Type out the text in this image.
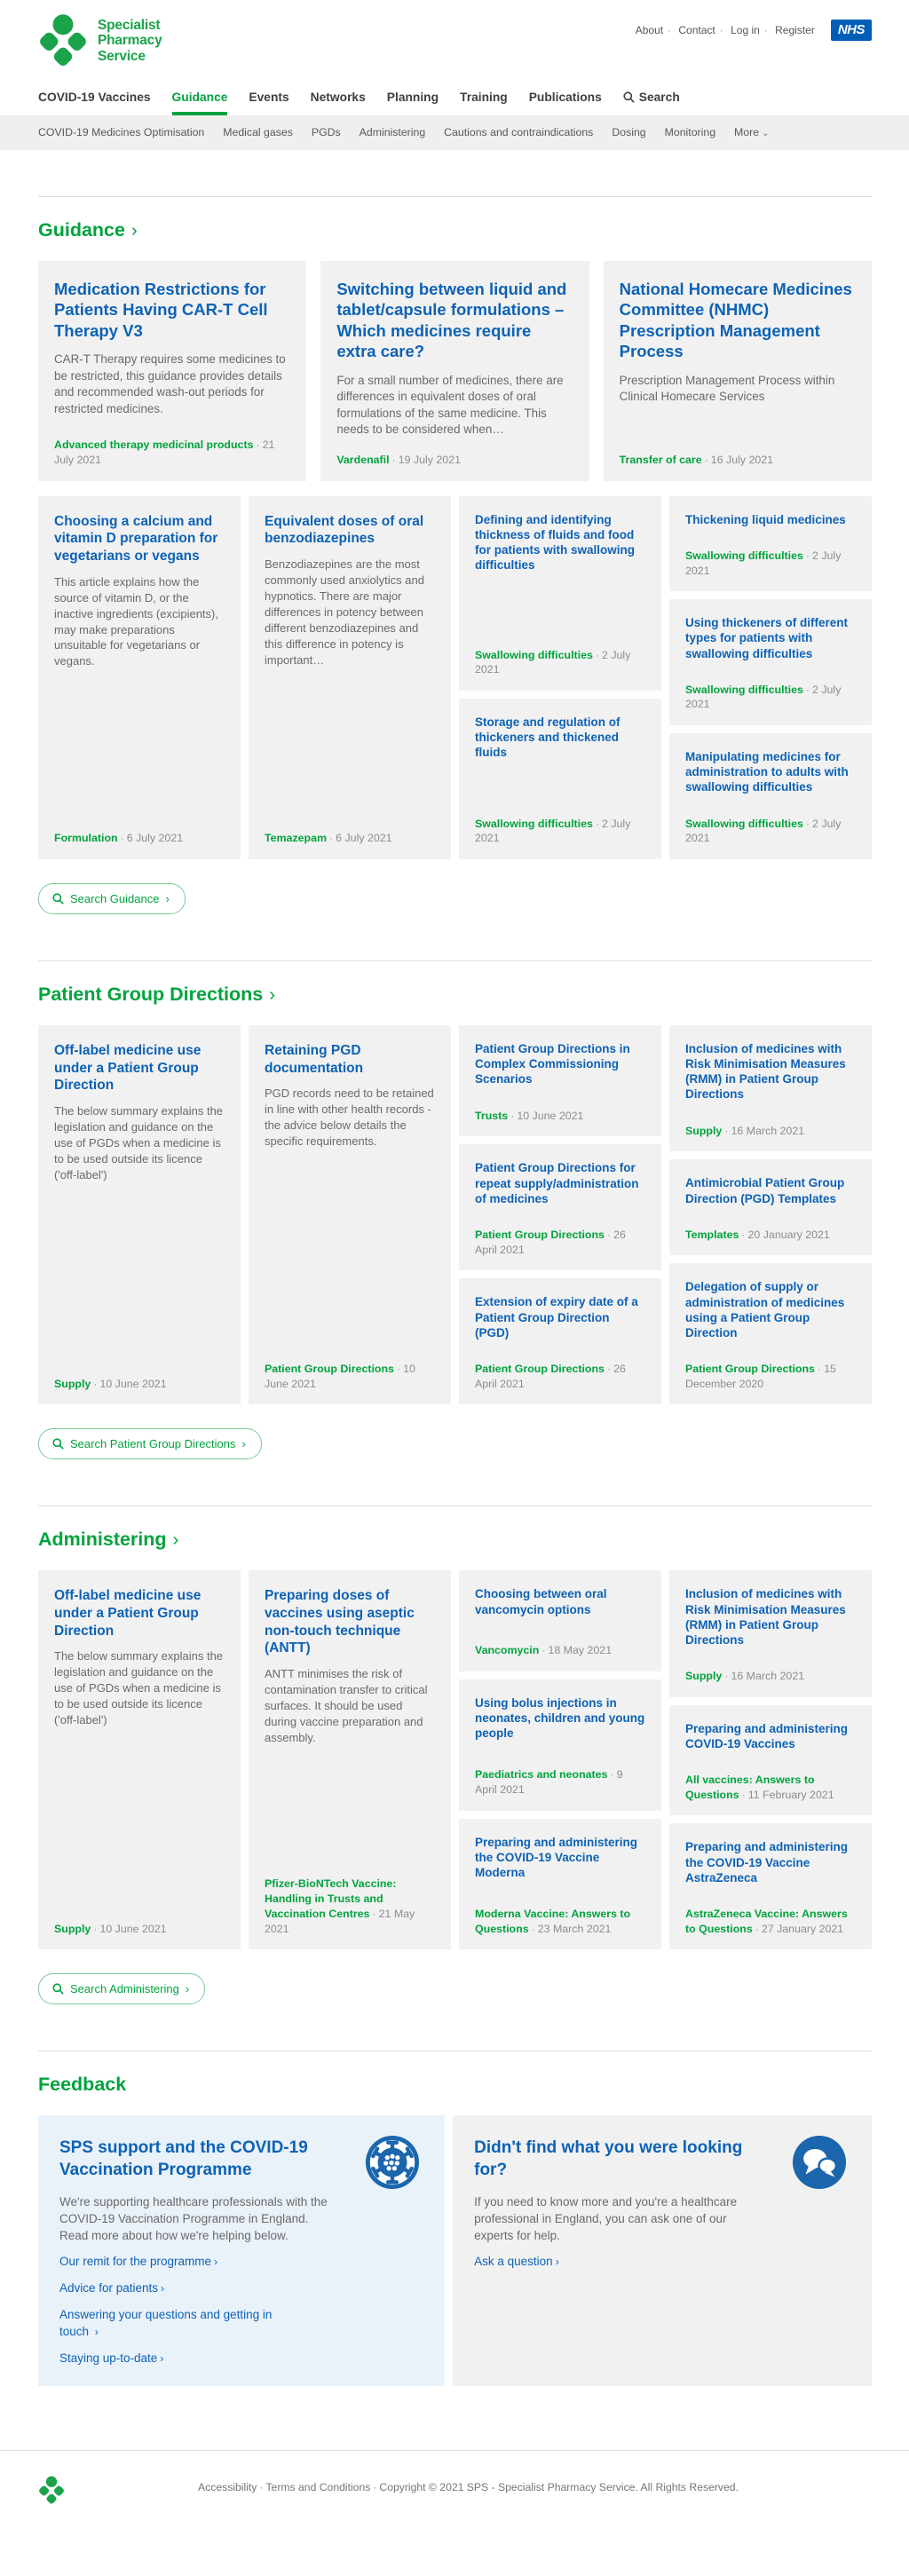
Specialist
Pharmacy
Service
About · Contact · Log in · Register	NHS
COVID-19 Vaccines Guidance Events Networks Planning Training Publications	Search
COVID-19 Medicines Optimisation Medical gases PGDs Administering Cautions and contraindications Dosing Monitoring More ⌄
Guidance ›
Medication Restrictions for Patients Having CAR-T Cell Therapy V3

CAR-T Therapy requires some medicines to be restricted, this guidance provides details and recommended wash-out periods for restricted medicines.

Advanced therapy medicinal products · 21 July 2021

Switching between liquid and tablet/capsule formulations – Which medicines require extra care?

For a small number of medicines, there are differences in equivalent doses of oral formulations of the same medicine. This needs to be considered when…

Vardenafil · 19 July 2021

National Homecare Medicines Committee (NHMC) Prescription Management Process

Prescription Management Process within Clinical Homecare Services

Transfer of care · 16 July 2021

Choosing a calcium and vitamin D preparation for vegetarians or vegans

This article explains how the source of vitamin D, or the inactive ingredients (excipients), may make preparations unsuitable for vegetarians or vegans.

Formulation · 6 July 2021

Equivalent doses of oral benzodiazepines

Benzodiazepines are the most commonly used anxiolytics and hypnotics. There are major differences in potency between different benzodiazepines and this difference in potency is important…

Temazepam · 6 July 2021

Defining and identifying thickness of fluids and food for patients with swallowing difficulties

Swallowing difficulties · 2 July 2021

Storage and regulation of thickeners and thickened fluids

Swallowing difficulties · 2 July 2021

Thickening liquid medicines

Swallowing difficulties · 2 July 2021

Using thickeners of different types for patients with swallowing difficulties

Swallowing difficulties · 2 July 2021

Manipulating medicines for administration to adults with swallowing difficulties

Swallowing difficulties · 2 July 2021

Search Guidance ›
Patient Group Directions ›
Off-label medicine use under a Patient Group Direction

The below summary explains the legislation and guidance on the use of PGDs when a medicine is to be used outside its licence ('off-label')

Supply · 10 June 2021

Retaining PGD documentation

PGD records need to be retained in line with other health records - the advice below details the specific requirements.

Patient Group Directions · 10 June 2021

Patient Group Directions in Complex Commissioning Scenarios

Trusts · 10 June 2021

Patient Group Directions for repeat supply/administration of medicines

Patient Group Directions · 26 April 2021

Extension of expiry date of a Patient Group Direction (PGD)

Patient Group Directions · 26 April 2021

Inclusion of medicines with Risk Minimisation Measures (RMM) in Patient Group Directions

Supply · 16 March 2021

Antimicrobial Patient Group Direction (PGD) Templates

Templates · 20 January 2021

Delegation of supply or administration of medicines using a Patient Group Direction

Patient Group Directions · 15 December 2020

Search Patient Group Directions ›
Administering ›
Off-label medicine use under a Patient Group Direction

The below summary explains the legislation and guidance on the use of PGDs when a medicine is to be used outside its licence ('off-label')

Supply · 10 June 2021

Preparing doses of vaccines using aseptic non-touch technique (ANTT)

ANTT minimises the risk of contamination transfer to critical surfaces. It should be used during vaccine preparation and assembly.

Pfizer-BioNTech Vaccine: Handling in Trusts and Vaccination Centres · 21 May 2021

Choosing between oral vancomycin options

Vancomycin · 18 May 2021

Using bolus injections in neonates, children and young people

Paediatrics and neonates · 9 April 2021

Preparing and administering the COVID-19 Vaccine Moderna

Moderna Vaccine: Answers to Questions · 23 March 2021

Inclusion of medicines with Risk Minimisation Measures (RMM) in Patient Group Directions

Supply · 16 March 2021

Preparing and administering COVID-19 Vaccines

All vaccines: Answers to Questions · 11 February 2021

Preparing and administering the COVID-19 Vaccine AstraZeneca

AstraZeneca Vaccine: Answers to Questions · 27 January 2021

Search Administering ›
Feedback
SPS support and the COVID-19 Vaccination Programme

We're supporting healthcare professionals with the COVID-19 Vaccination Programme in England. Read more about how we're helping below.

Our remit for the programme ›
Advice for patients ›
Answering your questions and getting in touch ›
Staying up-to-date ›
Didn't find what you were looking for?

If you need to know more and you're a healthcare professional in England, you can ask one of our experts for help.

Ask a question ›

Accessibility · Terms and Conditions · Copyright © 2021 SPS - Specialist Pharmacy Service. All Rights Reserved.
